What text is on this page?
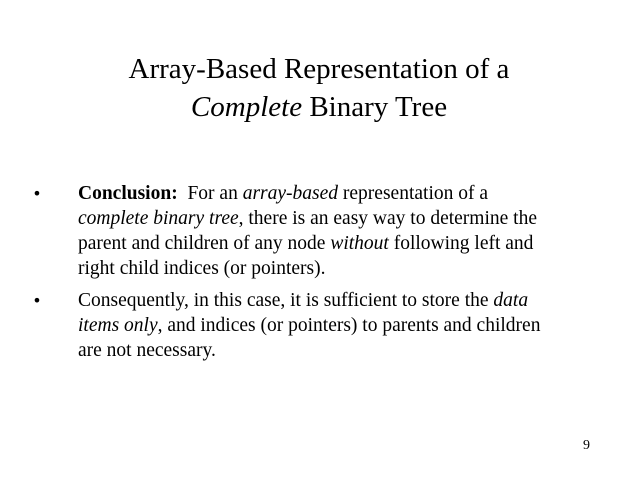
Array-Based Representation of a
Complete Binary Tree
• Conclusion:  For an array-based representation of a
complete binary tree, there is an easy way to determine the
parent and children of any node without following left and
right child indices (or pointers).
• Consequently, in this case, it is sufficient to store the data
items only, and indices (or pointers) to parents and children
are not necessary.
9
